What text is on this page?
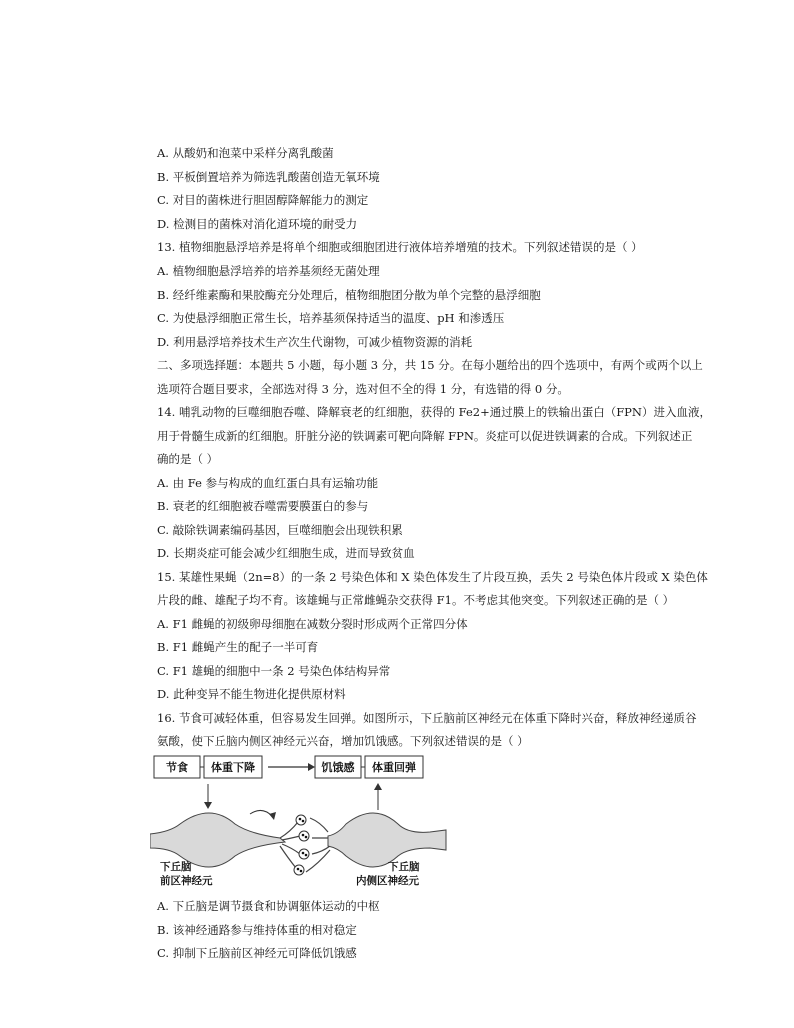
A. 从酸奶和泡菜中采样分离乳酸菌
B. 平板倒置培养为筛选乳酸菌创造无氧环境
C. 对目的菌株进行胆固醇降解能力的测定
D. 检测目的菌株对消化道环境的耐受力
13. 植物细胞悬浮培养是将单个细胞或细胞团进行液体培养增殖的技术。下列叙述错误的是（ ）
A. 植物细胞悬浮培养的培养基须经无菌处理
B. 经纤维素酶和果胶酶充分处理后，植物细胞团分散为单个完整的悬浮细胞
C. 为使悬浮细胞正常生长，培养基须保持适当的温度、pH 和渗透压
D. 利用悬浮培养技术生产次生代谢物，可减少植物资源的消耗
二、多项选择题：本题共 5 小题，每小题 3 分，共 15 分。在每小题给出的四个选项中，有两个或两个以上
选项符合题目要求，全部选对得 3 分，选对但不全的得 1 分，有选错的得 0 分。
14. 哺乳动物的巨噬细胞吞噬、降解衰老的红细胞，获得的 Fe2+通过膜上的铁输出蛋白（FPN）进入血液，
用于骨髓生成新的红细胞。肝脏分泌的铁调素可靶向降解 FPN。炎症可以促进铁调素的合成。下列叙述正
确的是（ ）
A. 由 Fe 参与构成的血红蛋白具有运输功能
B. 衰老的红细胞被吞噬需要膜蛋白的参与
C. 敲除铁调素编码基因，巨噬细胞会出现铁积累
D. 长期炎症可能会减少红细胞生成，进而导致贫血
15. 某雄性果蝇（2n=8）的一条 2 号染色体和 X 染色体发生了片段互换，丢失 2 号染色体片段或 X 染色体
片段的雌、雄配子均不育。该雄蝇与正常雌蝇杂交获得 F1。不考虑其他突变。下列叙述正确的是（ ）
A. F1 雌蝇的初级卵母细胞在减数分裂时形成两个正常四分体
B. F1 雌蝇产生的配子一半可育
C. F1 雄蝇的细胞中一条 2 号染色体结构异常
D. 此种变异不能生物进化提供原材料
16. 节食可减轻体重，但容易发生回弹。如图所示，下丘脑前区神经元在体重下降时兴奋，释放神经递质谷
氨酸，使下丘脑内侧区神经元兴奋，增加饥饿感。下列叙述错误的是（ ）
节食 体重下降	饥饿感 体重回弹
下丘脑
前区神经元
下丘脑
内侧区神经元
A. 下丘脑是调节摄食和协调躯体运动的中枢
B. 该神经通路参与维持体重的相对稳定
C. 抑制下丘脑前区神经元可降低饥饿感
